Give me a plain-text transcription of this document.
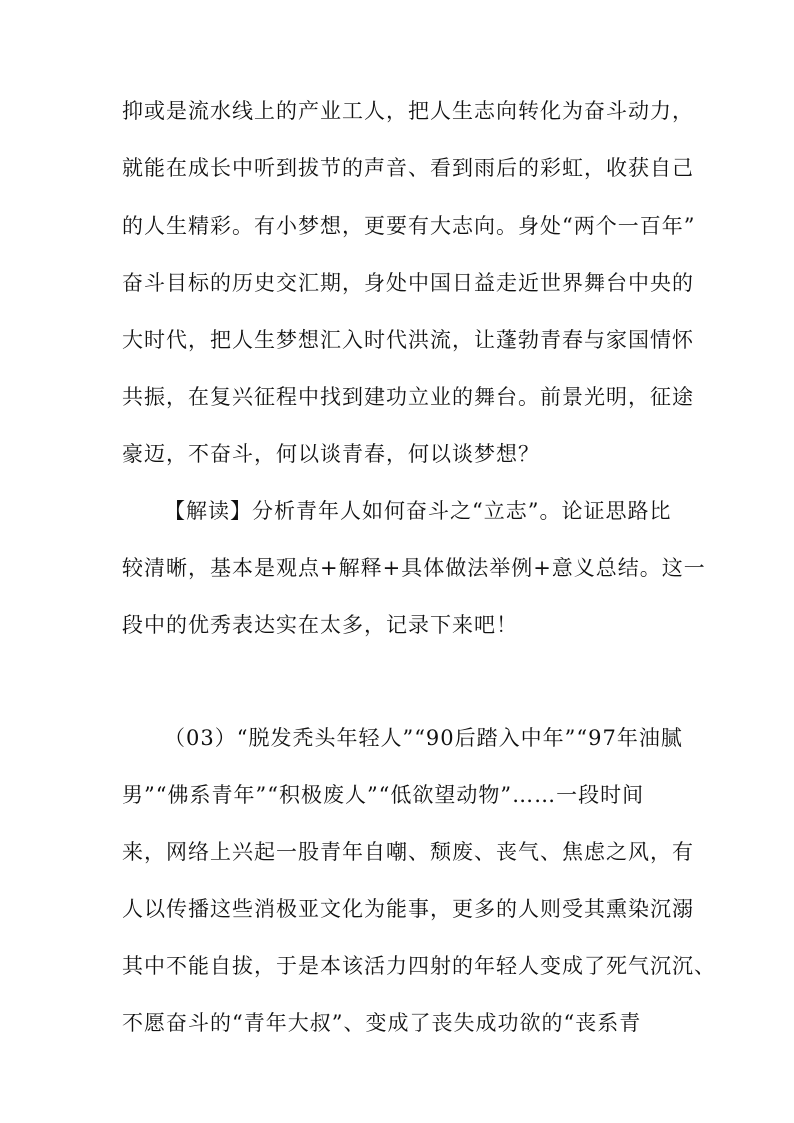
抑或是流水线上的产业工人，把人生志向转化为奋斗动力，
就能在成长中听到拔节的声音、看到雨后的彩虹，收获自己
的人生精彩。有小梦想，更要有大志向。身处“两个一百年”
奋斗目标的历史交汇期，身处中国日益走近世界舞台中央的
大时代，把人生梦想汇入时代洪流，让蓬勃青春与家国情怀
共振，在复兴征程中找到建功立业的舞台。前景光明，征途
豪迈，不奋斗，何以谈青春，何以谈梦想？
【解读】分析青年人如何奋斗之“立志”。论证思路比
较清晰，基本是观点+解释+具体做法举例+意义总结。这一
段中的优秀表达实在太多，记录下来吧！
（03）“脱发秃头年轻人”“90后踏入中年”“97年油腻
男”“佛系青年”“积极废人”“低欲望动物”……一段时间
来，网络上兴起一股青年自嘲、颓废、丧气、焦虑之风，有
人以传播这些消极亚文化为能事，更多的人则受其熏染沉溺
其中不能自拔，于是本该活力四射的年轻人变成了死气沉沉、
不愿奋斗的“青年大叔”、变成了丧失成功欲的“丧系青
